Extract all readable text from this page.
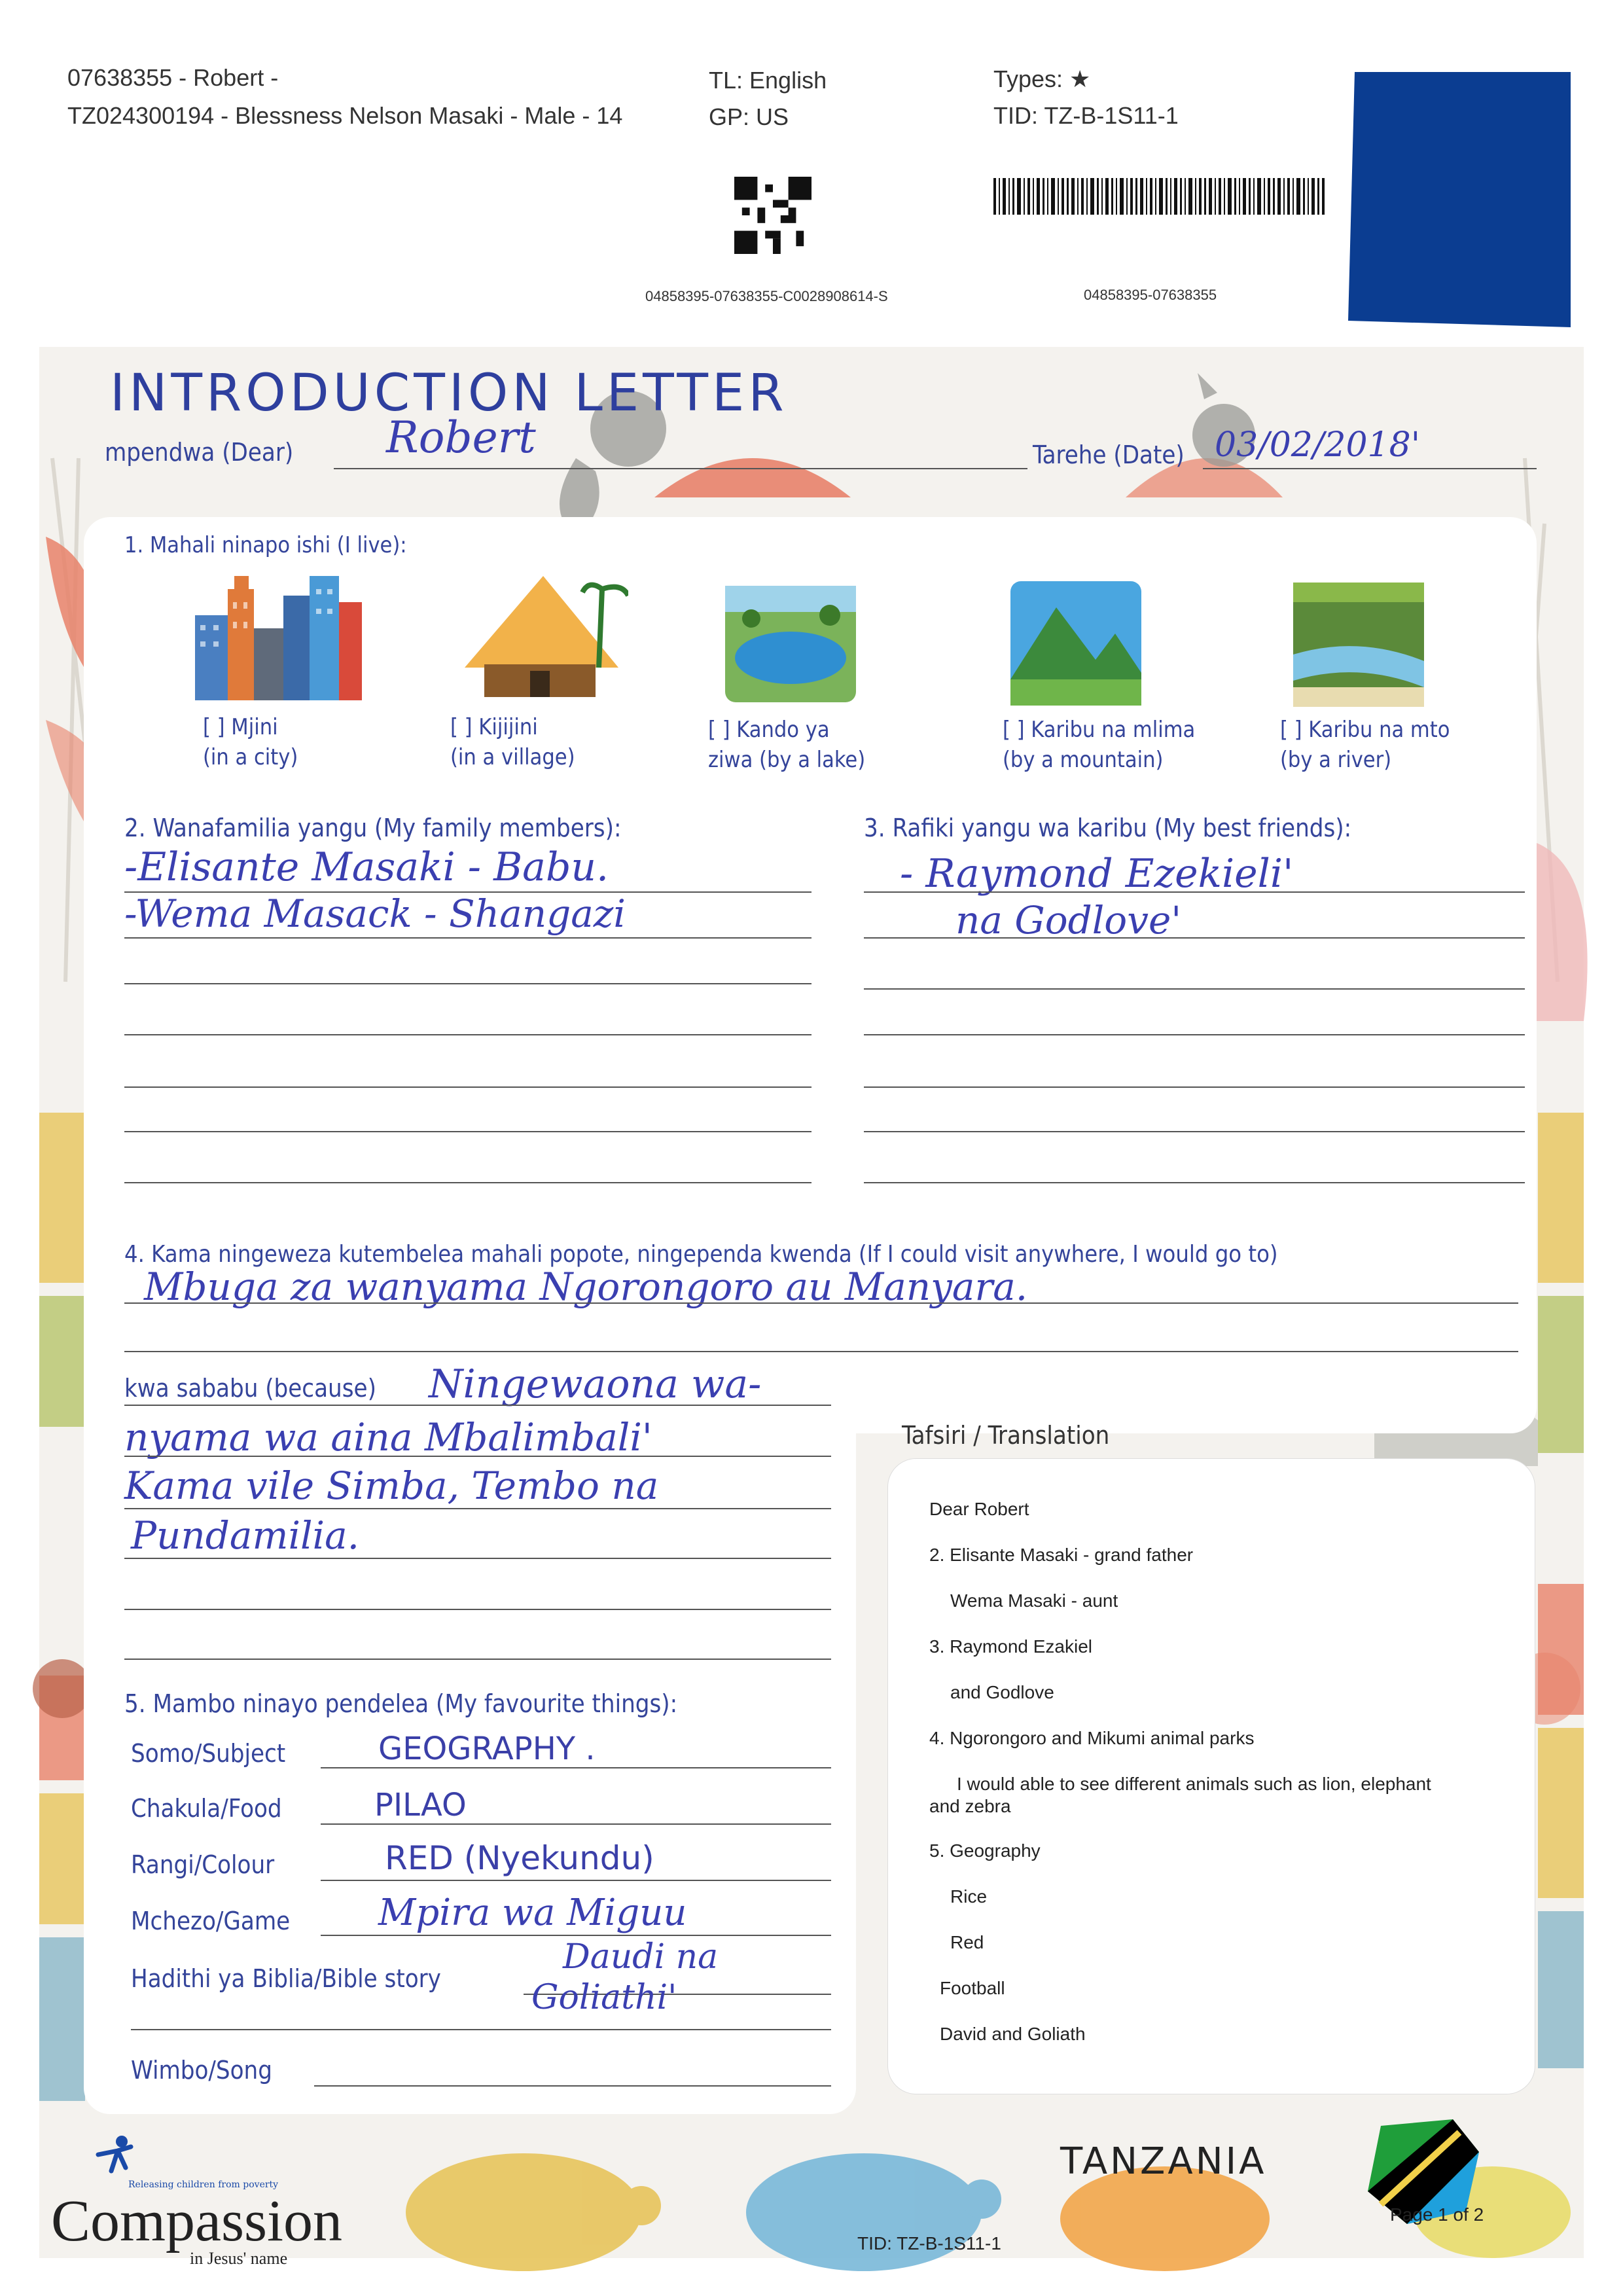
07638355 - Robert -
TZ024300194 - Blessness Nelson Masaki - Male - 14
TL: English
GP: US
Types: ★
TID: TZ-B-1S11-1
04858395-07638355-C0028908614-S	04858395-07638355
INTRODUCTION LETTER
mpendwa (Dear) Robert	Tarehe (Date) 03/02/2018'
1. Mahali ninapo ishi (I live):
[ ] Mjini
(in a city)
[ ] Kijijini
(in a village)
[ ] Kando ya
ziwa (by a lake)
[ ] Karibu na mlima
(by a mountain)
[ ] Karibu na mto
(by a river)
2. Wanafamilia yangu (My family members):
-Elisante Masaki - Babu.
-Wema Masack - Shangazi
3. Rafiki yangu wa karibu (My best friends):
- Raymond Ezekieli'
na Godlove'
4. Kama ningeweza kutembelea mahali popote, ningependa kwenda (If I could visit anywhere, I would go to)
Mbuga za wanyama Ngorongoro au Manyara.
kwa sababu (because) Ningewaona wa-
nyama wa aina Mbalimbali'
Kama vile Simba, Tembo na
Pundamilia.
5. Mambo ninayo pendelea (My favourite things):
Somo/Subject	GEOGRAPHY .
Chakula/Food	PILAO
Rangi/Colour	RED (Nyekundu)
Mchezo/Game Mpira wa Miguu
Hadithi ya Biblia/Bible story
Daudi na
Goliathi'
Wimbo/Song
Tafsiri / Translation
Dear Robert
2. Elisante Masaki - grand father
Wema Masaki - aunt
3. Raymond Ezakiel
and Godlove
4. Ngorongoro and Mikumi animal parks
I would able to see different animals such as lion, elephant
and zebra
5. Geography
Rice
Red
Football
David and Goliath
Releasing children from poverty
Compassion
in Jesus' name
TANZANIA
Page 1 of 2
TID: TZ-B-1S11-1
